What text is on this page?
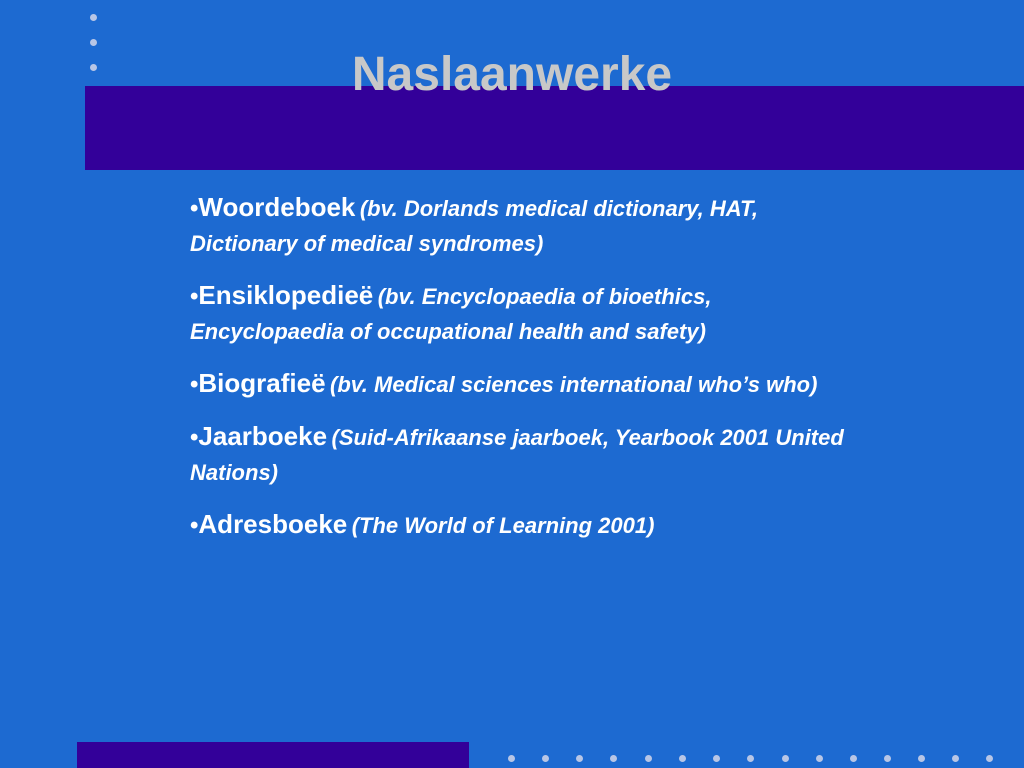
Naslaanwerke
•Woordeboek (bv. Dorlands medical dictionary, HAT, Dictionary of medical syndromes)
•Ensiklopedieë (bv. Encyclopaedia of bioethics, Encyclopaedia of occupational health and safety)
•Biografieë (bv. Medical sciences international who’s who)
•Jaarboeke (Suid-Afrikaanse jaarboek, Yearbook 2001 United Nations)
•Adresboeke (The World of Learning 2001)
